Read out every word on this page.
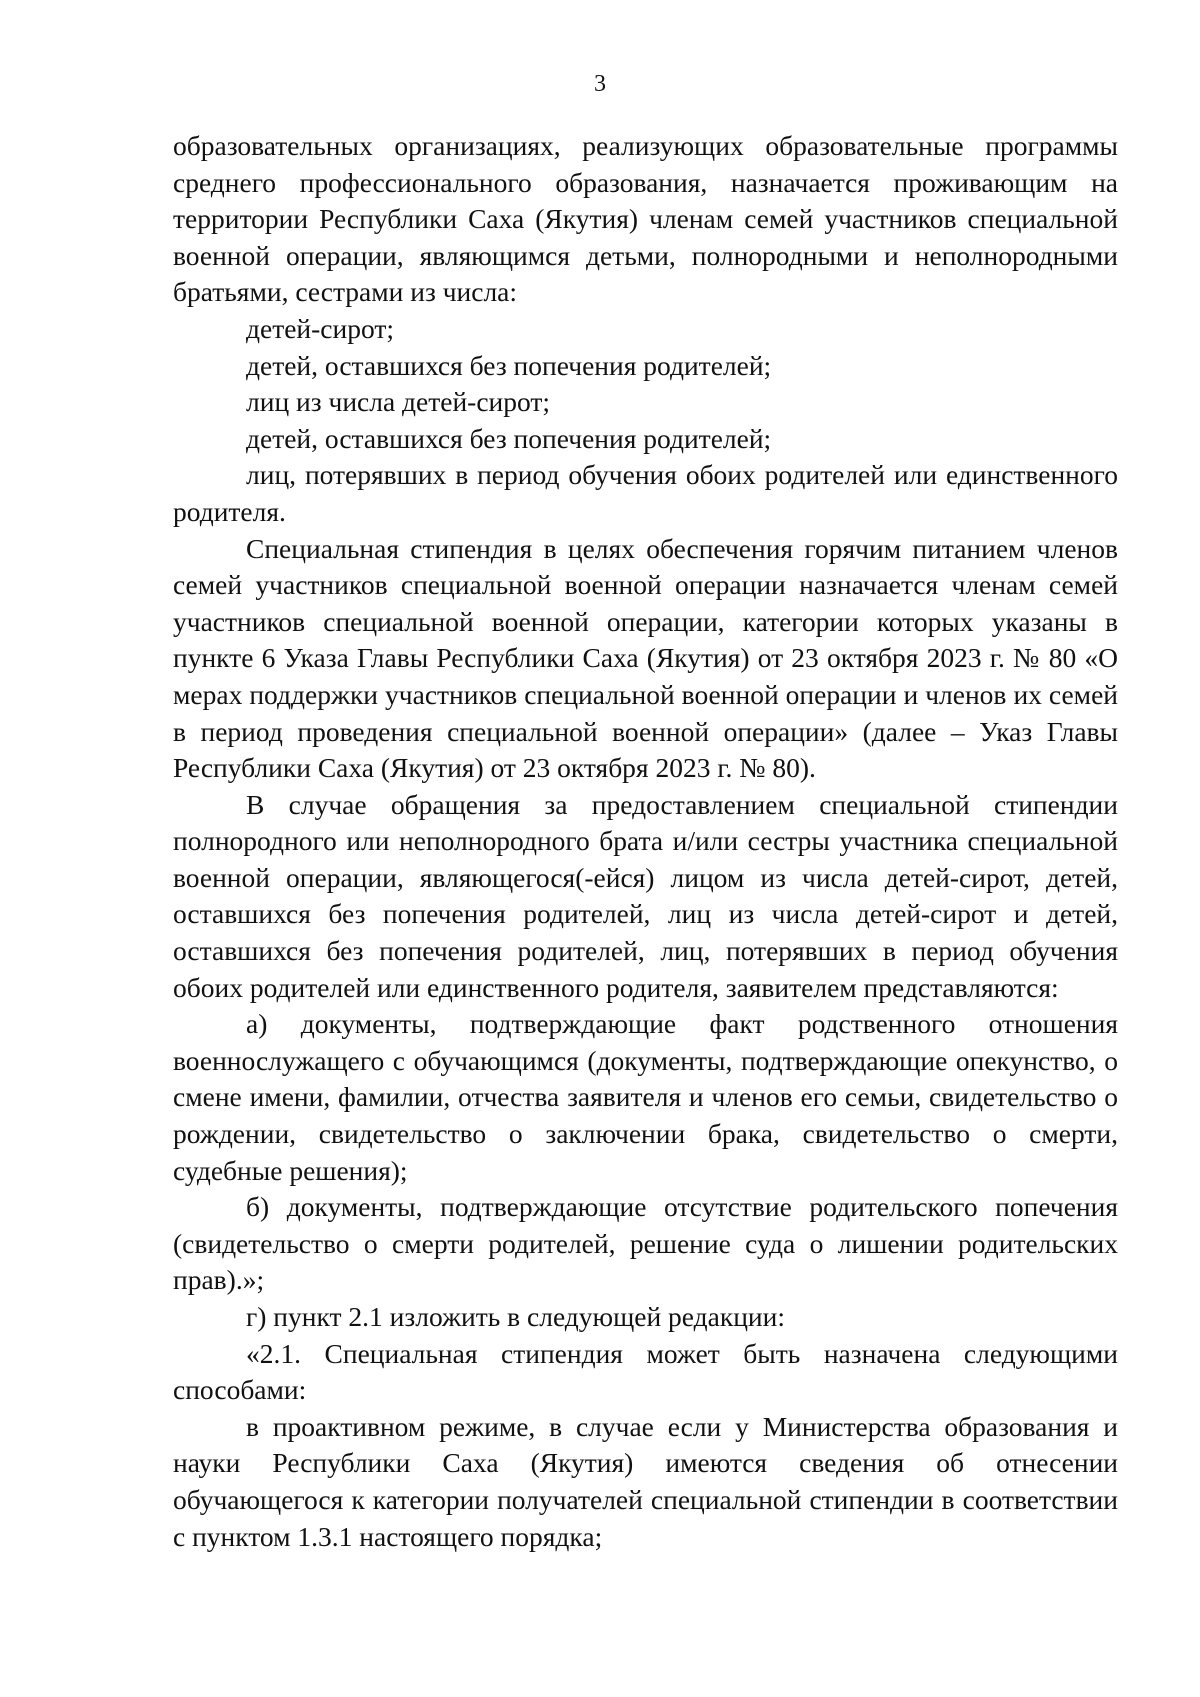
3

образовательных организациях, реализующих образовательные программы среднего профессионального образования, назначается проживающим на территории Республики Саха (Якутия) членам семей участников специальной военной операции, являющимся детьми, полнородными и неполнородными братьями, сестрами из числа:

детей-сирот;

детей, оставшихся без попечения родителей;

лиц из числа детей-сирот;

детей, оставшихся без попечения родителей;

лиц, потерявших в период обучения обоих родителей или единственного родителя.

Специальная стипендия в целях обеспечения горячим питанием членов семей участников специальной военной операции назначается членам семей участников специальной военной операции, категории которых указаны в пункте 6 Указа Главы Республики Саха (Якутия) от 23 октября 2023 г. № 80 «О мерах поддержки участников специальной военной операции и членов их семей в период проведения специальной военной операции» (далее – Указ Главы Республики Саха (Якутия) от 23 октября 2023 г. № 80).

В случае обращения за предоставлением специальной стипендии полнородного или неполнородного брата и/или сестры участника специальной военной операции, являющегося(-ейся) лицом из числа детей-сирот, детей, оставшихся без попечения родителей, лиц из числа детей-сирот и детей, оставшихся без попечения родителей, лиц, потерявших в период обучения обоих родителей или единственного родителя, заявителем представляются:

а) документы, подтверждающие факт родственного отношения военнослужащего с обучающимся (документы, подтверждающие опекунство, о смене имени, фамилии, отчества заявителя и членов его семьи, свидетельство о рождении, свидетельство о заключении брака, свидетельство о смерти, судебные решения);

б) документы, подтверждающие отсутствие родительского попечения (свидетельство о смерти родителей, решение суда о лишении родительских прав).»;

г) пункт 2.1 изложить в следующей редакции:

«2.1. Специальная стипендия может быть назначена следующими способами:

в проактивном режиме, в случае если у Министерства образования и науки Республики Саха (Якутия) имеются сведения об отнесении обучающегося к категории получателей специальной стипендии в соответствии с пунктом 1.3.1 настоящего порядка;
